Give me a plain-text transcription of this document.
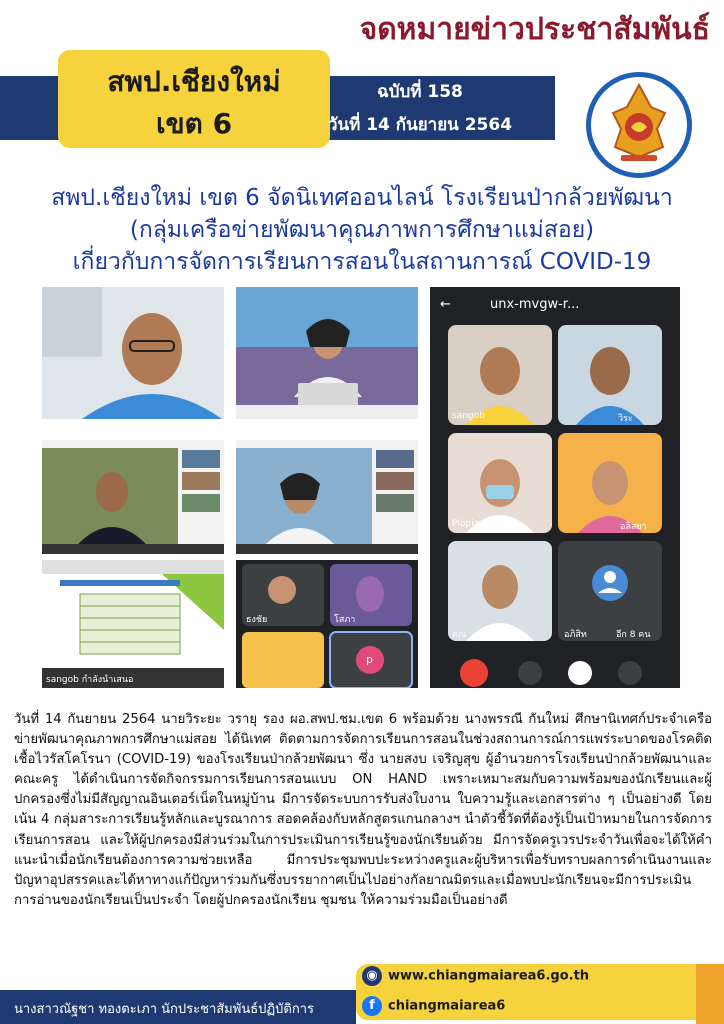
จดหมายข่าวประชาสัมพันธ์
สพป.เชียงใหม่
เขต 6
ฉบับที่ 158
วันที่ 14 กันยายน 2564
สพป.เชียงใหม่ เขต 6 จัดนิเทศออนไลน์ โรงเรียนป่ากล้วยพัฒนา
(กลุ่มเครือข่ายพัฒนาคุณภาพการศึกษาแม่สอย)
เกี่ยวกับการจัดการเรียนการสอนในสถานการณ์ COVID-19
sangob กำลังนำเสนอ
ธงชัย	โสภา
p
←	unx-mvgw-r...
sangob	วิระ
Plopia	อลิสยา
คณ	อภิสิท	อีก 8 คน
วันที่ 14 กันยายน 2564 นายวิระยะ วรายุ รอง ผอ.สพป.ชม.เขต 6 พร้อมด้วย นางพรรณี กันใหม่ ศึกษานิเทศก์ประจำเครือข่ายพัฒนาคุณภาพการศึกษาแม่สอย ได้นิเทศ ติดตามการจัดการเรียนการสอนในช่วงสถานการณ์การแพร่ระบาดของโรคติดเชื้อไวรัสโคโรนา (COVID-19) ของโรงเรียนป่ากล้วยพัฒนา ซึ่ง นายสงบ เจริญสุข ผู้อำนวยการโรงเรียนป่ากล้วยพัฒนาและคณะครู ได้ดำเนินการจัดกิจกรรมการเรียนการสอนแบบ ON HAND เพราะเหมาะสมกับความพร้อมของนักเรียนและผู้ปกครองซึ่งไม่มีสัญญาณอินเตอร์เน็ตในหมู่บ้าน มีการจัดระบบการรับส่งใบงาน ใบความรู้และเอกสารต่าง ๆ เป็นอย่างดี โดยเน้น 4 กลุ่มสาระการเรียนรู้หลักและบูรณาการ สอดคล้องกับหลักสูตรแกนกลางฯ นำตัวชี้วัดที่ต้องรู้เป็นเป้าหมายในการจัดการเรียนการสอน และให้ผู้ปกครองมีส่วนร่วมในการประเมินการเรียนรู้ของนักเรียนด้วย มีการจัดครูเวรประจำวันเพื่อจะได้ให้คำแนะนำเมื่อนักเรียนต้องการความช่วยเหลือ มีการประชุมพบปะระหว่างครูและผู้บริหารเพื่อรับทราบผลการดำเนินงานและปัญหาอุปสรรคและได้หาทางแก้ปัญหาร่วมกันซึ่งบรรยากาศเป็นไปอย่างกัลยาณมิตรและเมื่อพบปะนักเรียนจะมีการประเมินการอ่านของนักเรียนเป็นประจำ โดยผู้ปกครองนักเรียน ชุมชน ให้ความร่วมมือเป็นอย่างดี
นางสาวณัฐชา ทองตะเภา นักประชาสัมพันธ์ปฏิบัติการ
◉ www.chiangmaiarea6.go.th
f chiangmaiarea6
